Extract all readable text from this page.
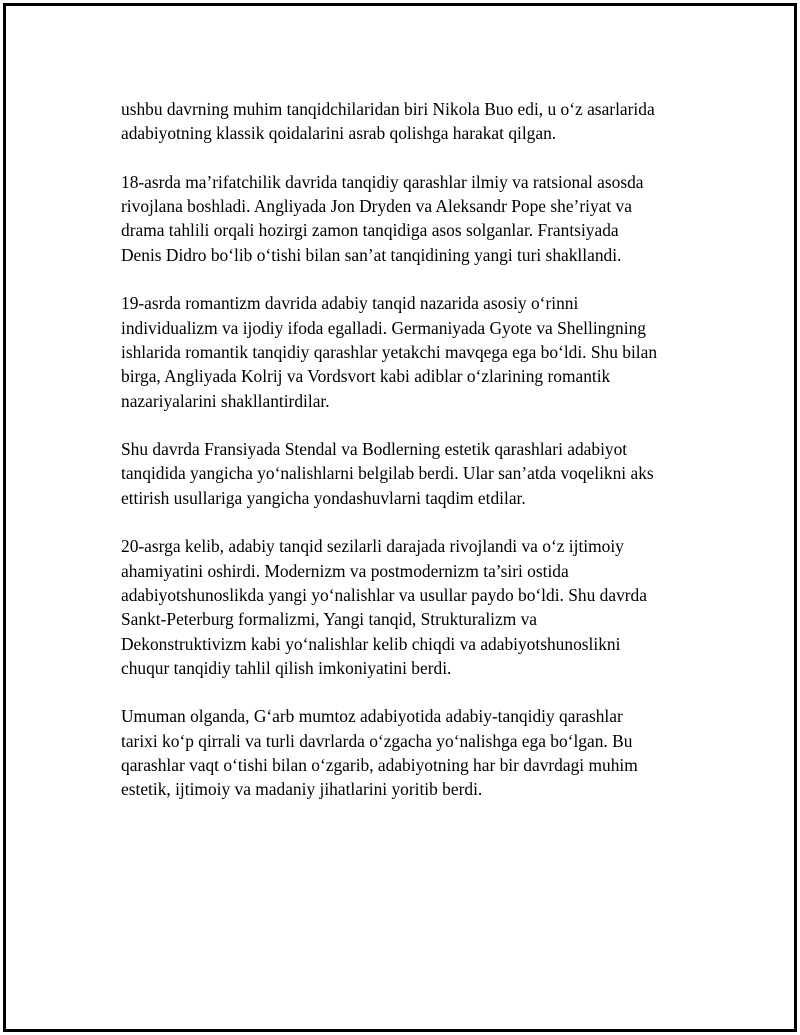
ushbu davrning muhim tanqidchilaridan biri Nikola Buo edi, u o‘z asarlarida
adabiyotning klassik qoidalarini asrab qolishga harakat qilgan.

18-asrda ma’rifatchilik davrida tanqidiy qarashlar ilmiy va ratsional asosda
rivojlana boshladi. Angliyada Jon Dryden va Aleksandr Pope she’riyat va
drama tahlili orqali hozirgi zamon tanqidiga asos solganlar. Frantsiyada
Denis Didro bo‘lib o‘tishi bilan san’at tanqidining yangi turi shakllandi.

19-asrda romantizm davrida adabiy tanqid nazarida asosiy o‘rinni
individualizm va ijodiy ifoda egalladi. Germaniyada Gyote va Shellingning
ishlarida romantik tanqidiy qarashlar yetakchi mavqega ega bo‘ldi. Shu bilan
birga, Angliyada Kolrij va Vordsvort kabi adiblar o‘zlarining romantik
nazariyalarini shakllantirdilar.

Shu davrda Fransiyada Stendal va Bodlerning estetik qarashlari adabiyot
tanqidida yangicha yo‘nalishlarni belgilab berdi. Ular san’atda voqelikni aks
ettirish usullariga yangicha yondashuvlarni taqdim etdilar.

20-asrga kelib, adabiy tanqid sezilarli darajada rivojlandi va o‘z ijtimoiy
ahamiyatini oshirdi. Modernizm va postmodernizm ta’siri ostida
adabiyotshunoslikda yangi yo‘nalishlar va usullar paydo bo‘ldi. Shu davrda
Sankt-Peterburg formalizmi, Yangi tanqid, Strukturalizm va
Dekonstruktivizm kabi yo‘nalishlar kelib chiqdi va adabiyotshunoslikni
chuqur tanqidiy tahlil qilish imkoniyatini berdi.

Umuman olganda, G‘arb mumtoz adabiyotida adabiy-tanqidiy qarashlar
tarixi ko‘p qirrali va turli davrlarda o‘zgacha yo‘nalishga ega bo‘lgan. Bu
qarashlar vaqt o‘tishi bilan o‘zgarib, adabiyotning har bir davrdagi muhim
estetik, ijtimoiy va madaniy jihatlarini yoritib berdi.
